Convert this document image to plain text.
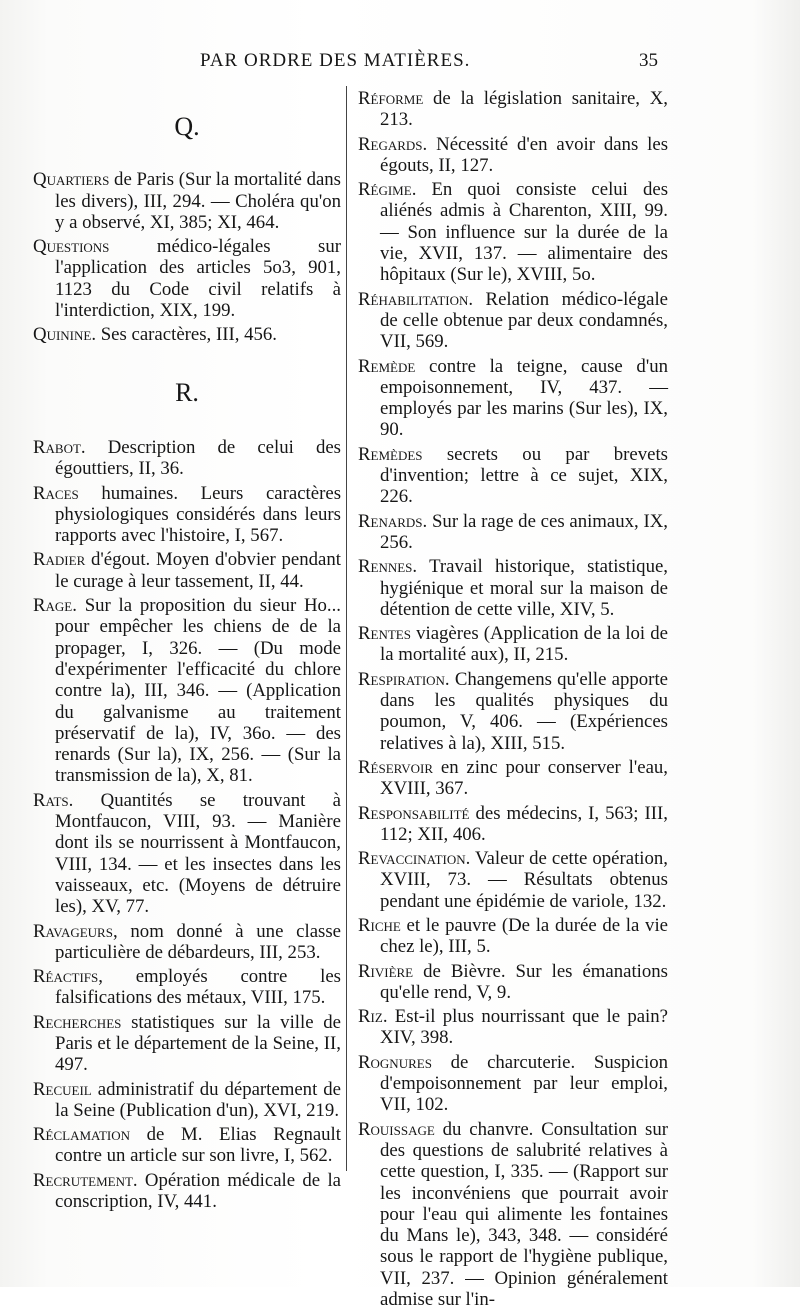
PAR ORDRE DES MATIÈRES.	35

Q.

Quartiers de Paris (Sur la mortalité dans les divers), III, 294. — Choléra qu'on y a observé, XI, 385; XI, 464.

Questions médico-légales sur l'application des articles 5o3, 901, 1123 du Code civil relatifs à l'interdiction, XIX, 199.

Quinine. Ses caractères, III, 456.

R.

Rabot. Description de celui des égouttiers, II, 36.

Races humaines. Leurs caractères physiologiques considérés dans leurs rapports avec l'histoire, I, 567.

Radier d'égout. Moyen d'obvier pendant le curage à leur tassement, II, 44.

Rage. Sur la proposition du sieur Ho... pour empêcher les chiens de de la propager, I, 326. — (Du mode d'expérimenter l'efficacité du chlore contre la), III, 346. — (Application du galvanisme au traitement préservatif de la), IV, 36o. — des renards (Sur la), IX, 256. — (Sur la transmission de la), X, 81.

Rats. Quantités se trouvant à Montfaucon, VIII, 93. — Manière dont ils se nourrissent à Montfaucon, VIII, 134. — et les insectes dans les vaisseaux, etc. (Moyens de détruire les), XV, 77.

Ravageurs, nom donné à une classe particulière de débardeurs, III, 253.

Réactifs, employés contre les falsifications des métaux, VIII, 175.

Recherches statistiques sur la ville de Paris et le département de la Seine, II, 497.

Recueil administratif du département de la Seine (Publication d'un), XVI, 219.

Réclamation de M. Elias Regnault contre un article sur son livre, I, 562.

Recrutement. Opération médicale de la conscription, IV, 441.

Réforme de la législation sanitaire, X, 213.

Regards. Nécessité d'en avoir dans les égouts, II, 127.

Régime. En quoi consiste celui des aliénés admis à Charenton, XIII, 99. — Son influence sur la durée de la vie, XVII, 137. — alimentaire des hôpitaux (Sur le), XVIII, 5o.

Réhabilitation. Relation médico-légale de celle obtenue par deux condamnés, VII, 569.

Remède contre la teigne, cause d'un empoisonnement, IV, 437. — employés par les marins (Sur les), IX, 90.

Remèdes secrets ou par brevets d'invention; lettre à ce sujet, XIX, 226.

Renards. Sur la rage de ces animaux, IX, 256.

Rennes. Travail historique, statistique, hygiénique et moral sur la maison de détention de cette ville, XIV, 5.

Rentes viagères (Application de la loi de la mortalité aux), II, 215.

Respiration. Changemens qu'elle apporte dans les qualités physiques du poumon, V, 406. — (Expériences relatives à la), XIII, 515.

Réservoir en zinc pour conserver l'eau, XVIII, 367.

Responsabilité des médecins, I, 563; III, 112; XII, 406.

Revaccination. Valeur de cette opération, XVIII, 73. — Résultats obtenus pendant une épidémie de variole, 132.

Riche et le pauvre (De la durée de la vie chez le), III, 5.

Rivière de Bièvre. Sur les émanations qu'elle rend, V, 9.

Riz. Est-il plus nourrissant que le pain? XIV, 398.

Rognures de charcuterie. Suspicion d'empoisonnement par leur emploi, VII, 102.

Rouissage du chanvre. Consultation sur des questions de salubrité relatives à cette question, I, 335. — (Rapport sur les inconvéniens que pourrait avoir pour l'eau qui alimente les fontaines du Mans le), 343, 348. — considéré sous le rapport de l'hygiène publique, VII, 237. — Opinion généralement admise sur l'in-
